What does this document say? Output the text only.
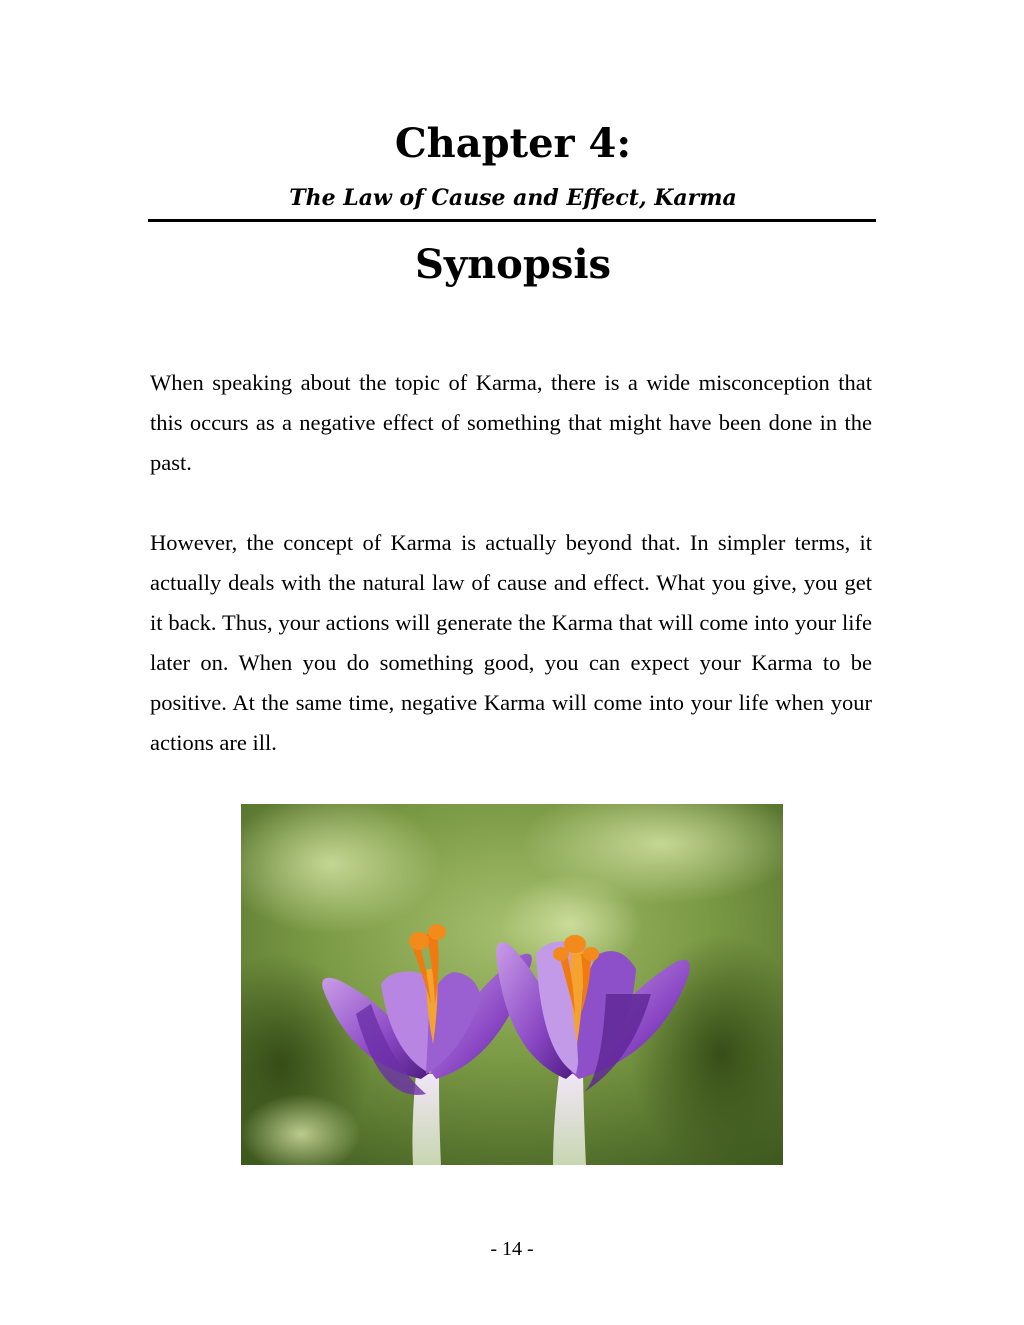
Chapter 4:
The Law of Cause and Effect, Karma
Synopsis

When speaking about the topic of Karma, there is a wide misconception that this occurs as a negative effect of something that might have been done in the past.

However, the concept of Karma is actually beyond that. In simpler terms, it actually deals with the natural law of cause and effect. What you give, you get it back. Thus, your actions will generate the Karma that will come into your life later on. When you do something good, you can expect your Karma to be positive. At the same time, negative Karma will come into your life when your actions are ill.

- 14 -
